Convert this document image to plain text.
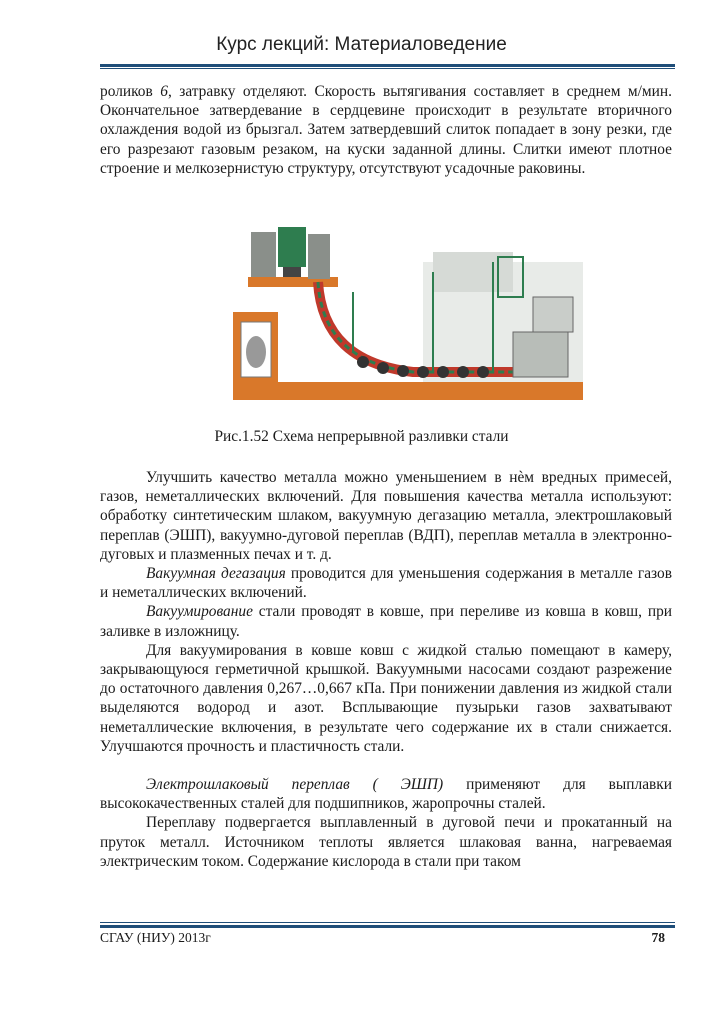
Курс лекций: Материаловедение

роликов 6, затравку отделяют. Скорость вытягивания составляет в среднем м/мин. Окончательное затвердевание в сердцевине происходит в результате вторичного охлаждения водой из брызгал. Затем затвердевший слиток попадает в зону резки, где его разрезают газовым резаком, на куски заданной длины. Слитки имеют плотное строение и мелкозернистую структуру, отсутствуют усадочные раковины.

Рис.1.52 Схема непрерывной разливки стали

Улучшить качество металла можно уменьшением в нѐм вредных примесей, газов, неметаллических включений. Для повышения качества металла используют: обработку синтетическим шлаком, вакуумную дегазацию металла, электрошлаковый переплав (ЭШП), вакуумно-дуговой переплав (ВДП), переплав металла в электронно-дуговых и плазменных печах и т. д.

Вакуумная дегазация проводится для уменьшения содержания в металле газов и неметаллических включений.

Вакуумирование стали проводят в ковше, при переливе из ковша в ковш, при заливке в изложницу.

Для вакуумирования в ковше ковш с жидкой сталью помещают в камеру, закрывающуюся герметичной крышкой. Вакуумными насосами создают разрежение до остаточного давления 0,267…0,667 кПа. При понижении давления из жидкой стали выделяются водород и азот. Всплывающие пузырьки газов захватывают неметаллические включения, в результате чего содержание их в стали снижается. Улучшаются прочность и пластичность стали.

Электрошлаковый переплав ( ЭШП) применяют для выплавки высококачественных сталей для подшипников, жаропрочны сталей.

Переплаву подвергается выплавленный в дуговой печи и прокатанный на пруток металл. Источником теплоты является шлаковая ванна, нагреваемая электрическим током. Содержание кислорода в стали при таком

СГАУ (НИУ) 2013г	78
